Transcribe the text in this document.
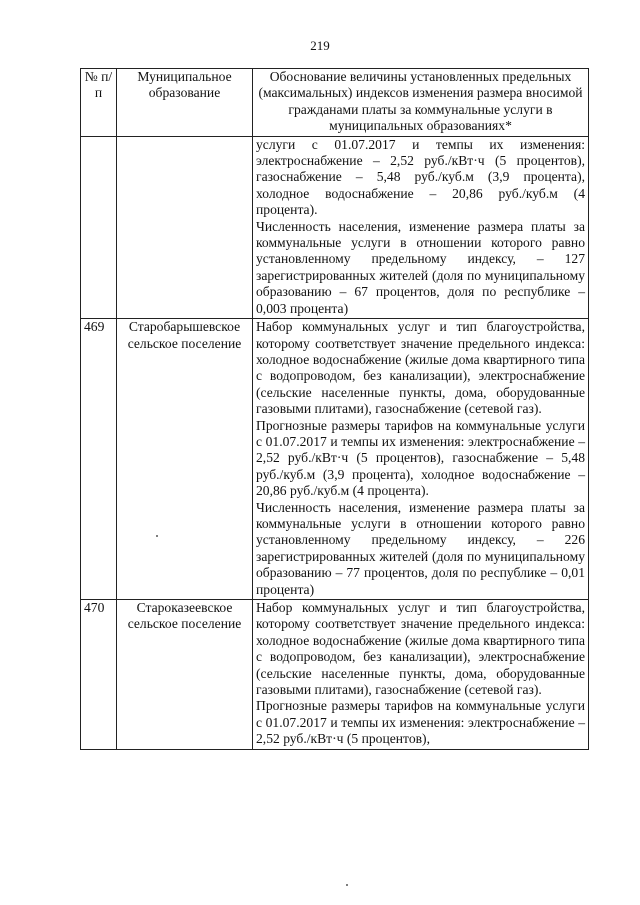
219
№ п/п	Муниципальное образование	Обоснование величины установленных предельных (максимальных) индексов изменения размера вносимой гражданами платы за коммунальные услуги в муниципальных образованиях*

		услуги с 01.07.2017 и темпы их изменения: электроснабжение – 2,52 руб./кВт·ч (5 процентов), газоснабжение – 5,48 руб./куб.м (3,9 процента), холодное водоснабжение – 20,86 руб./куб.м (4 процента).

Численность населения, изменение размера платы за коммунальные услуги в отношении которого равно установленному предельному индексу, – 127 зарегистрированных жителей (доля по муниципальному образованию – 67 процентов, доля по республике – 0,003 процента)

469	Старобарышевское сельское поселение	Набор коммунальных услуг и тип благоустройства, которому соответствует значение предельного индекса: холодное водоснабжение (жилые дома квартирного типа с водопроводом, без канализации), электроснабжение (сельские населенные пункты, дома, оборудованные газовыми плитами), газоснабжение (сетевой газ).

Прогнозные размеры тарифов на коммунальные услуги с 01.07.2017 и темпы их изменения: электроснабжение – 2,52 руб./кВт·ч (5 процентов), газоснабжение – 5,48 руб./куб.м (3,9 процента), холодное водоснабжение – 20,86 руб./куб.м (4 процента).

Численность населения, изменение размера платы за коммунальные услуги в отношении которого равно установленному предельному индексу, – 226 зарегистрированных жителей (доля по муниципальному образованию – 77 процентов, доля по республике – 0,01 процента)

470	Староказеевское сельское поселение	Набор коммунальных услуг и тип благоустройства, которому соответствует значение предельного индекса: холодное водоснабжение (жилые дома квартирного типа с водопроводом, без канализации), электроснабжение (сельские населенные пункты, дома, оборудованные газовыми плитами), газоснабжение (сетевой газ).

Прогнозные размеры тарифов на коммунальные услуги с 01.07.2017 и темпы их изменения: электроснабжение – 2,52 руб./кВт·ч (5 процентов),
